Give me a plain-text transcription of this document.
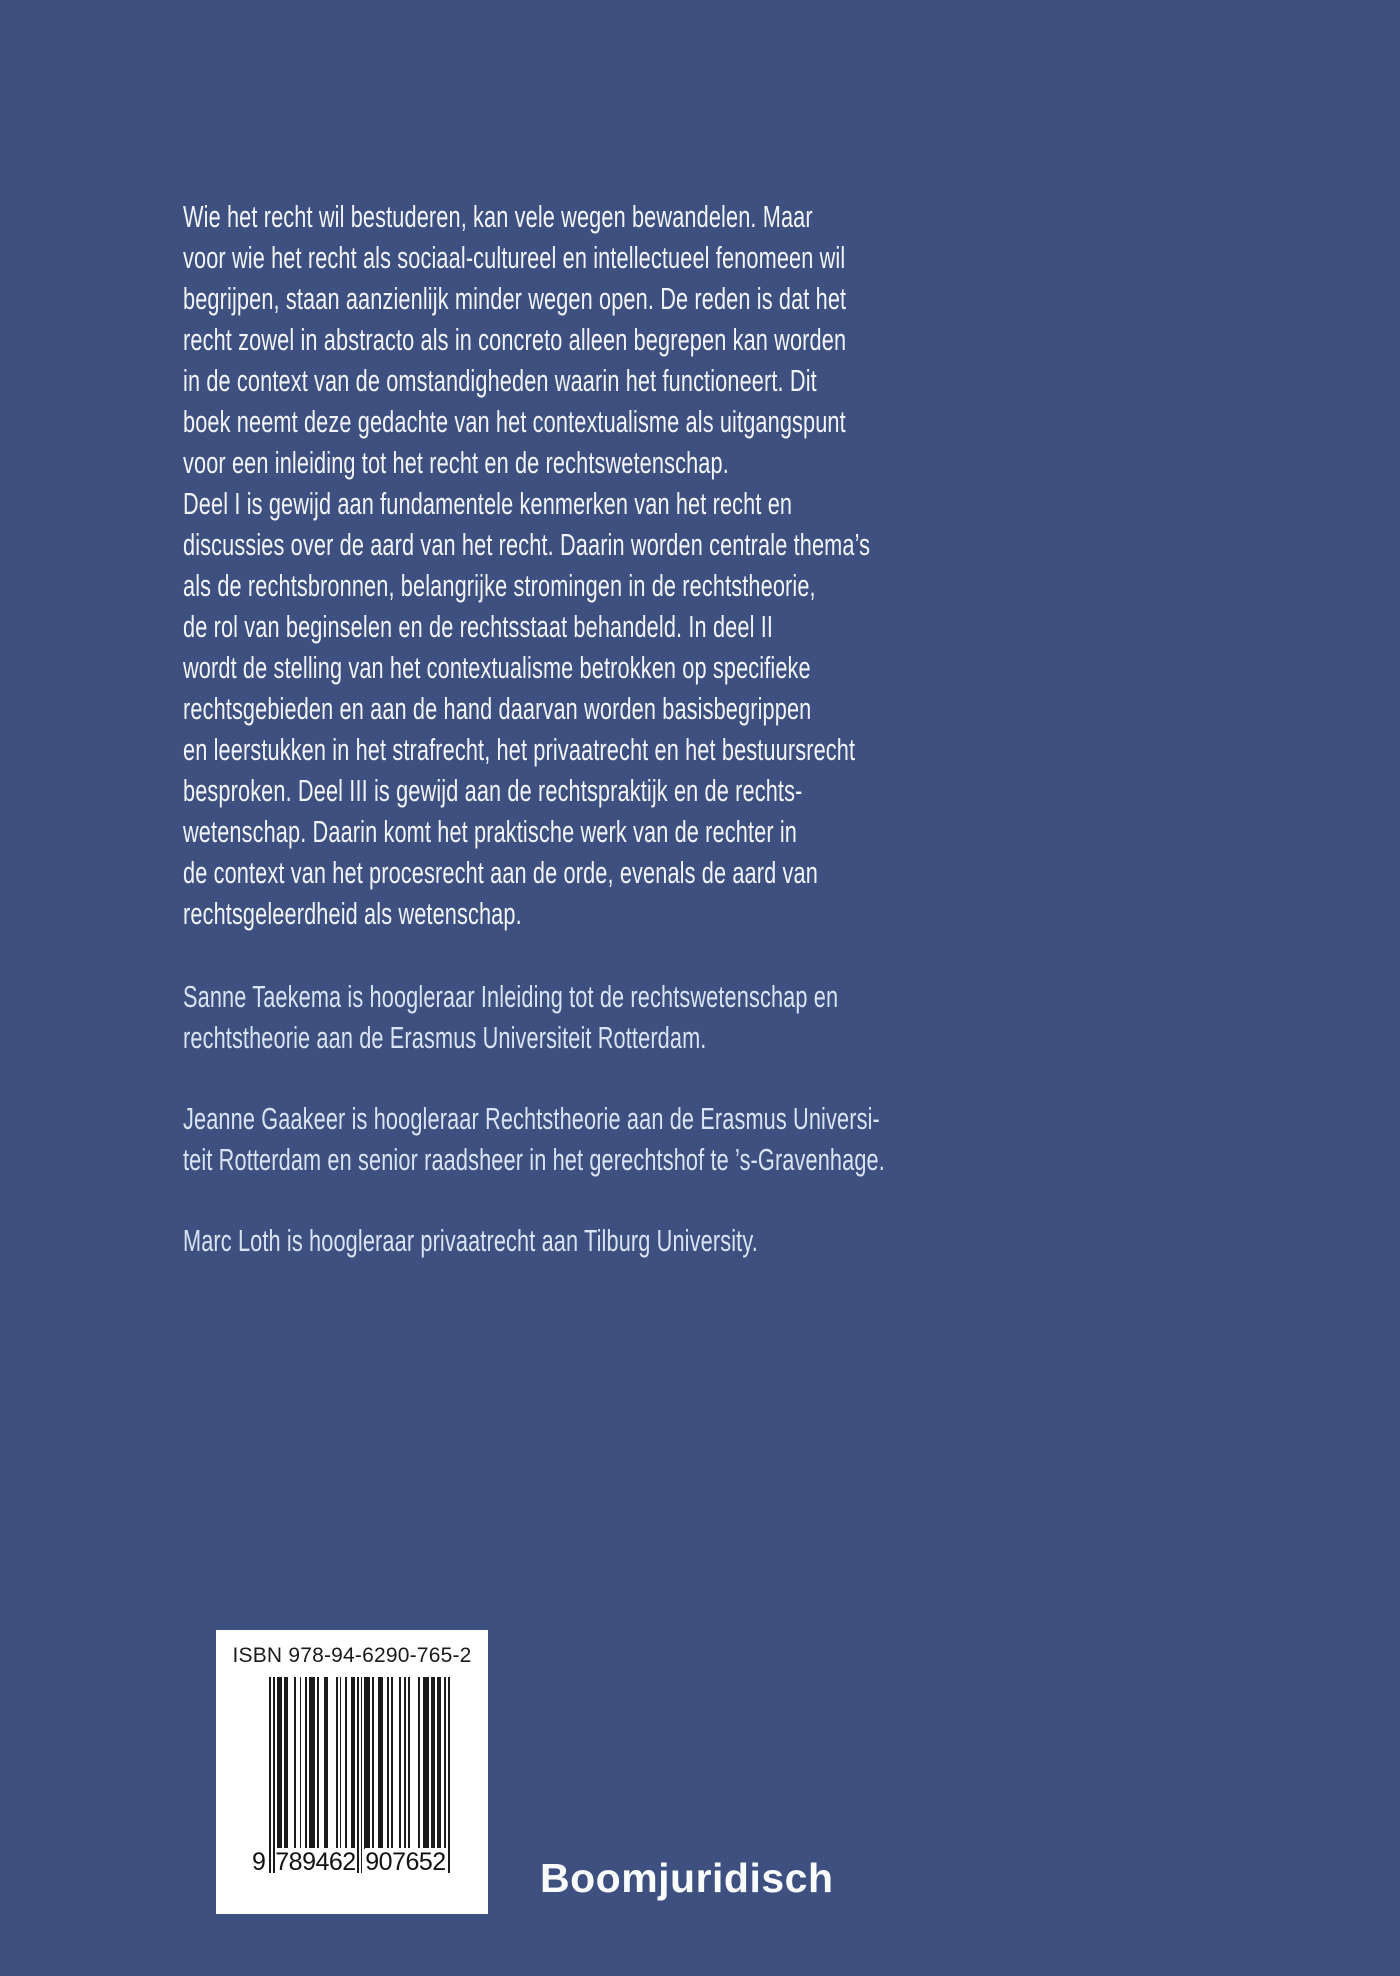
Wie het recht wil bestuderen, kan vele wegen bewandelen. Maar
voor wie het recht als sociaal-cultureel en intellectueel fenomeen wil
begrijpen, staan aanzienlijk minder wegen open. De reden is dat het
recht zowel in abstracto als in concreto alleen begrepen kan worden
in de context van de omstandigheden waarin het functioneert. Dit
boek neemt deze gedachte van het contextualisme als uitgangspunt
voor een inleiding tot het recht en de rechtswetenschap.
Deel I is gewijd aan fundamentele kenmerken van het recht en
discussies over de aard van het recht. Daarin worden centrale thema’s
als de rechtsbronnen, belangrijke stromingen in de rechtstheorie,
de rol van beginselen en de rechtsstaat behandeld. In deel II
wordt de stelling van het contextualisme betrokken op specifieke
rechtsgebieden en aan de hand daarvan worden basisbegrippen
en leerstukken in het strafrecht, het privaatrecht en het bestuursrecht
besproken. Deel III is gewijd aan de rechtspraktijk en de rechts-
wetenschap. Daarin komt het praktische werk van de rechter in
de context van het procesrecht aan de orde, evenals de aard van
rechtsgeleerdheid als wetenschap.
Sanne Taekema is hoogleraar Inleiding tot de rechtswetenschap en
rechtstheorie aan de Erasmus Universiteit Rotterdam.
Jeanne Gaakeer is hoogleraar Rechtstheorie aan de Erasmus Universi-
teit Rotterdam en senior raadsheer in het gerechtshof te ’s-Gravenhage.
Marc Loth is hoogleraar privaatrecht aan Tilburg University.
ISBN 978-94-6290-765-2
9 789462 907652 Boomjuridisch
